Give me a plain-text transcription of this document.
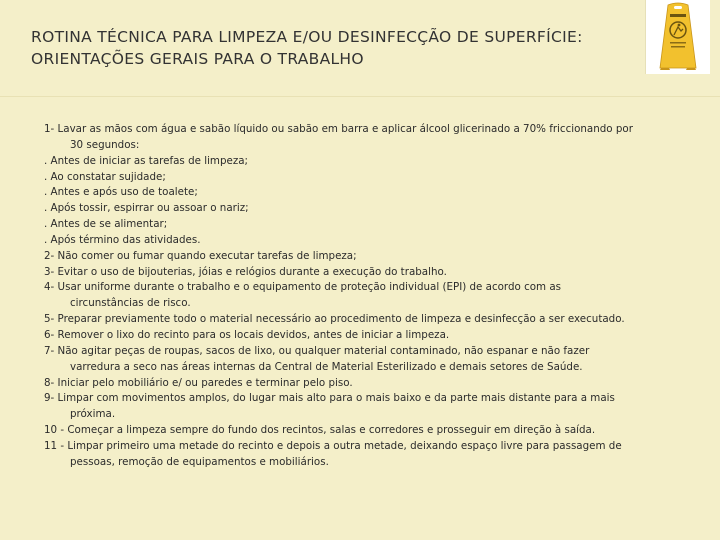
ROTINA TÉCNICA PARA LIMPEZA E/OU DESINFECÇÃO DE SUPERFÍCIE:
ORIENTAÇÕES GERAIS PARA O TRABALHO
1- Lavar as mãos com água e sabão líquido ou sabão em barra e aplicar álcool glicerinado a 70% friccionando por
30 segundos:
. Antes de iniciar as tarefas de limpeza;
. Ao constatar sujidade;
. Antes e após uso de toalete;
. Após tossir, espirrar ou assoar o nariz;
. Antes de se alimentar;
. Após término das atividades.
2- Não comer ou fumar quando executar tarefas de limpeza;
3- Evitar o uso de bijouterias, jóias e relógios durante a execução do trabalho.
4- Usar uniforme durante o trabalho e o equipamento de proteção individual (EPI) de acordo com as
circunstâncias de risco.
5- Preparar previamente todo o material necessário ao procedimento de limpeza e desinfecção a ser executado.
6- Remover o lixo do recinto para os locais devidos, antes de iniciar a limpeza.
7- Não agitar peças de roupas, sacos de lixo, ou qualquer material contaminado, não espanar e não fazer
varredura a seco nas áreas internas da Central de Material Esterilizado e demais setores de Saúde.
8- Iniciar pelo mobiliário e/ ou paredes e terminar pelo piso.
9- Limpar com movimentos amplos, do lugar mais alto para o mais baixo e da parte mais distante para a mais
próxima.
10 - Começar a limpeza sempre do fundo dos recintos, salas e corredores e prosseguir em direção à saída.
11 - Limpar primeiro uma metade do recinto e depois a outra metade, deixando espaço livre para passagem de
pessoas, remoção de equipamentos e mobiliários.
